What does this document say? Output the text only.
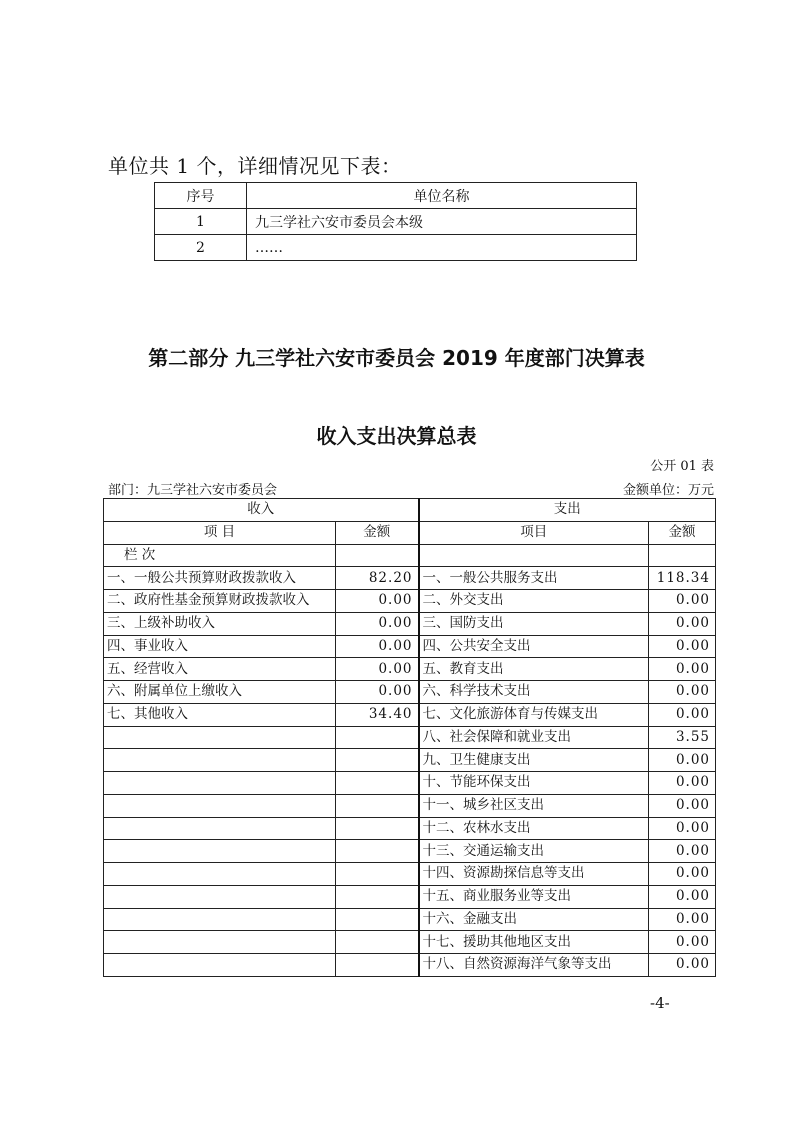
单位共 1 个，详细情况见下表：
序号	单位名称
1	九三学社六安市委员会本级
2	……
第二部分 九三学社六安市委员会 2019 年度部门决算表
收入支出决算总表
公开 01 表
部门：九三学社六安市委员会	金额单位：万元
收入		支出	
项 目	金额	项目	金额
栏 次			
一、一般公共预算财政拨款收入	82.20	一、一般公共服务支出	118.34
二、政府性基金预算财政拨款收入	0.00	二、外交支出	0.00
三、上级补助收入	0.00	三、国防支出	0.00
四、事业收入	0.00	四、公共安全支出	0.00
五、经营收入	0.00	五、教育支出	0.00
六、附属单位上缴收入	0.00	六、科学技术支出	0.00
七、其他收入	34.40	七、文化旅游体育与传媒支出	0.00
		八、社会保障和就业支出	3.55
		九、卫生健康支出	0.00
		十、节能环保支出	0.00
		十一、城乡社区支出	0.00
		十二、农林水支出	0.00
		十三、交通运输支出	0.00
		十四、资源勘探信息等支出	0.00
		十五、商业服务业等支出	0.00
		十六、金融支出	0.00
		十七、援助其他地区支出	0.00
		十八、自然资源海洋气象等支出	0.00
-4-
